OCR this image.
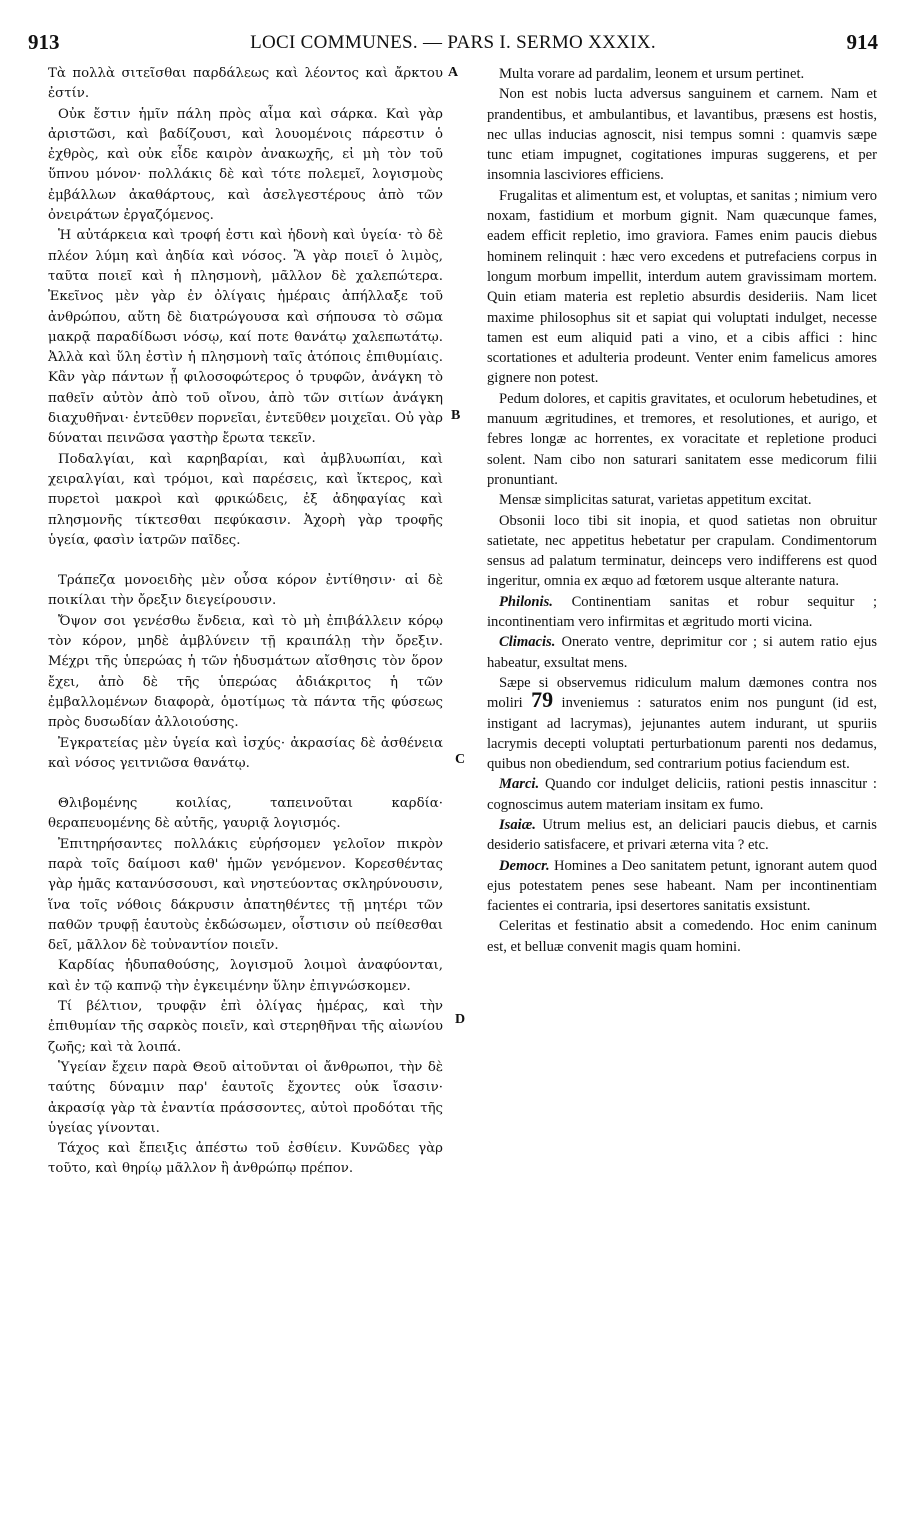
913	LOCI COMMUNES. — PARS I. SERMO XXXIX.	914
A
B
C
D

Τὰ πολλὰ σιτεῖσθαι παρδάλεως καὶ λέοντος καὶ ἄρκτου ἐστίν.

Οὐκ ἔστιν ἡμῖν πάλη πρὸς αἷμα καὶ σάρκα. Καὶ γὰρ ἀριστῶσι, καὶ βαδίζουσι, καὶ λουομένοις πάρεστιν ὁ ἐχθρὸς, καὶ οὐκ εἶδε καιρὸν ἀνακωχῆς, εἰ μὴ τὸν τοῦ ὕπνου μόνον· πολλάκις δὲ καὶ τότε πολεμεῖ, λογισμοὺς ἐμβάλλων ἀκαθάρτους, καὶ ἀσελγεστέρους ἀπὸ τῶν ὀνειράτων ἐργαζόμενος.

Ἡ αὐτάρκεια καὶ τροφή ἐστι καὶ ἡδονὴ καὶ ὑγεία· τὸ δὲ πλέον λύμη καὶ ἀηδία καὶ νόσος. Ἃ γὰρ ποιεῖ ὁ λιμὸς, ταῦτα ποιεῖ καὶ ἡ πλησμονὴ, μᾶλλον δὲ χαλεπώτερα. Ἐκεῖνος μὲν γὰρ ἐν ὀλίγαις ἡμέραις ἀπήλλαξε τοῦ ἀνθρώπου, αὕτη δὲ διατρώγουσα καὶ σήπουσα τὸ σῶμα μακρᾷ παραδίδωσι νόσῳ, καί ποτε θανάτῳ χαλεπωτάτῳ. Ἀλλὰ καὶ ὕλη ἐστὶν ἡ πλησμονὴ ταῖς ἀτόποις ἐπιθυμίαις. Κἂν γὰρ πάντων ᾖ φιλοσοφώτερος ὁ τρυφῶν, ἀνάγκη τὸ παθεῖν αὐτὸν ἀπὸ τοῦ οἴνου, ἀπὸ τῶν σιτίων ἀνάγκη διαχυθῆναι· ἐντεῦθεν πορνεῖαι, ἐντεῦθεν μοιχεῖαι. Οὐ γὰρ δύναται πεινῶσα γαστὴρ ἔρωτα τεκεῖν.

Ποδαλγίαι, καὶ καρηβαρίαι, καὶ ἀμβλυωπίαι, καὶ χειραλγίαι, καὶ τρόμοι, καὶ παρέσεις, καὶ ἴκτερος, καὶ πυρετοὶ μακροὶ καὶ φρικώδεις, ἐξ ἀδηφαγίας καὶ πλησμονῆς τίκτεσθαι πεφύκασιν. Ἀχορὴ γὰρ τροφῆς ὑγεία, φασὶν ἰατρῶν παῖδες.

Τράπεζα μονοειδὴς μὲν οὖσα κόρον ἐντίθησιν· αἱ δὲ ποικίλαι τὴν ὄρεξιν διεγείρουσιν.

Ὄψον σοι γενέσθω ἔνδεια, καὶ τὸ μὴ ἐπιβάλλειν κόρῳ τὸν κόρον, μηδὲ ἀμβλύνειν τῇ κραιπάλῃ τὴν ὄρεξιν. Μέχρι τῆς ὑπερώας ἡ τῶν ἡδυσμάτων αἴσθησις τὸν ὅρον ἔχει, ἀπὸ δὲ τῆς ὑπερώας ἀδιάκριτος ἡ τῶν ἐμβαλλομένων διαφορὰ, ὁμοτίμως τὰ πάντα τῆς φύσεως πρὸς δυσωδίαν ἀλλοιούσης.

Ἐγκρατείας μὲν ὑγεία καὶ ἰσχύς· ἀκρασίας δὲ ἀσθένεια καὶ νόσος γειτνιῶσα θανάτῳ.

Θλιβομένης κοιλίας, ταπεινοῦται καρδία· θεραπευομένης δὲ αὐτῆς, γαυριᾷ λογισμός.

Ἐπιτηρήσαντες πολλάκις εὑρήσομεν γελοῖον πικρὸν παρὰ τοῖς δαίμοσι καθ' ἡμῶν γενόμενον. Κορεσθέντας γὰρ ἡμᾶς κατανύσσουσι, καὶ νηστεύοντας σκληρύνουσιν, ἵνα τοῖς νόθοις δάκρυσιν ἀπατηθέντες τῇ μητέρι τῶν παθῶν τρυφῇ ἑαυτοὺς ἐκδώσωμεν, οἷστισιν οὐ πείθεσθαι δεῖ, μᾶλλον δὲ τοὐναντίον ποιεῖν.

Καρδίας ἡδυπαθούσης, λογισμοῦ λοιμοὶ ἀναφύονται, καὶ ἐν τῷ καπνῷ τὴν ἐγκειμένην ὕλην ἐπιγνώσκομεν.

Τί βέλτιον, τρυφᾷν ἐπὶ ὀλίγας ἡμέρας, καὶ τὴν ἐπιθυμίαν τῆς σαρκὸς ποιεῖν, καὶ στερηθῆναι τῆς αἰωνίου ζωῆς; καὶ τὰ λοιπά.

Ὑγείαν ἔχειν παρὰ Θεοῦ αἰτοῦνται οἱ ἄνθρωποι, τὴν δὲ ταύτης δύναμιν παρ' ἑαυτοῖς ἔχοντες οὐκ ἴσασιν· ἀκρασίᾳ γὰρ τὰ ἐναντία πράσσοντες, αὐτοὶ προδόται τῆς ὑγείας γίνονται.

Τάχος καὶ ἔπειξις ἀπέστω τοῦ ἐσθίειν. Κυνῶδες γὰρ τοῦτο, καὶ θηρίῳ μᾶλλον ἢ ἀνθρώπῳ πρέπον.

Multa vorare ad pardalim, leonem et ursum pertinet.

Non est nobis lucta adversus sanguinem et carnem. Nam et prandentibus, et ambulantibus, et lavantibus, præsens est hostis, nec ullas inducias agnoscit, nisi tempus somni : quamvis sæpe tunc etiam impugnet, cogitationes impuras suggerens, et per insomnia lasciviores efficiens.

Frugalitas et alimentum est, et voluptas, et sanitas ; nimium vero noxam, fastidium et morbum gignit. Nam quæcunque fames, eadem efficit repletio, imo graviora. Fames enim paucis diebus hominem relinquit : hæc vero excedens et putrefaciens corpus in longum morbum impellit, interdum autem gravissimam mortem. Quin etiam materia est repletio absurdis desideriis. Nam licet maxime philosophus sit et sapiat qui voluptati indulget, necesse tamen est eum aliquid pati a vino, et a cibis affici : hinc scortationes et adulteria prodeunt. Venter enim famelicus amores gignere non potest.

Pedum dolores, et capitis gravitates, et oculorum hebetudines, et manuum ægritudines, et tremores, et resolutiones, et aurigo, et febres longæ ac horrentes, ex voracitate et repletione produci solent. Nam cibo non saturari sanitatem esse medicorum filii pronuntiant.

Mensæ simplicitas saturat, varietas appetitum excitat.

Obsonii loco tibi sit inopia, et quod satietas non obruitur satietate, nec appetitus hebetatur per crapulam. Condimentorum sensus ad palatum terminatur, deinceps vero indifferens est quod ingeritur, omnia ex æquo ad fœtorem usque alterante natura.

Philonis. Continentiam sanitas et robur sequitur ; incontinentiam vero infirmitas et ægritudo morti vicina.

Climacis. Onerato ventre, deprimitur cor ; si autem ratio ejus habeatur, exsultat mens.

Sæpe si observemus ridiculum malum dæmones contra nos moliri 79 inveniemus : saturatos enim nos pungunt (id est, instigant ad lacrymas), jejunantes autem indurant, ut spuriis lacrymis decepti voluptati perturbationum parenti nos dedamus, quibus non obediendum, sed contrarium potius faciendum est.

Marci. Quando cor indulget deliciis, rationi pestis innascitur : cognoscimus autem materiam insitam ex fumo.

Isaiæ. Utrum melius est, an deliciari paucis diebus, et carnis desiderio satisfacere, et privari æterna vita ? etc.

Democr. Homines a Deo sanitatem petunt, ignorant autem quod ejus potestatem penes sese habeant. Nam per incontinentiam facientes ei contraria, ipsi desertores sanitatis exsistunt.

Celeritas et festinatio absit a comedendo. Hoc enim caninum est, et belluæ convenit magis quam homini.
